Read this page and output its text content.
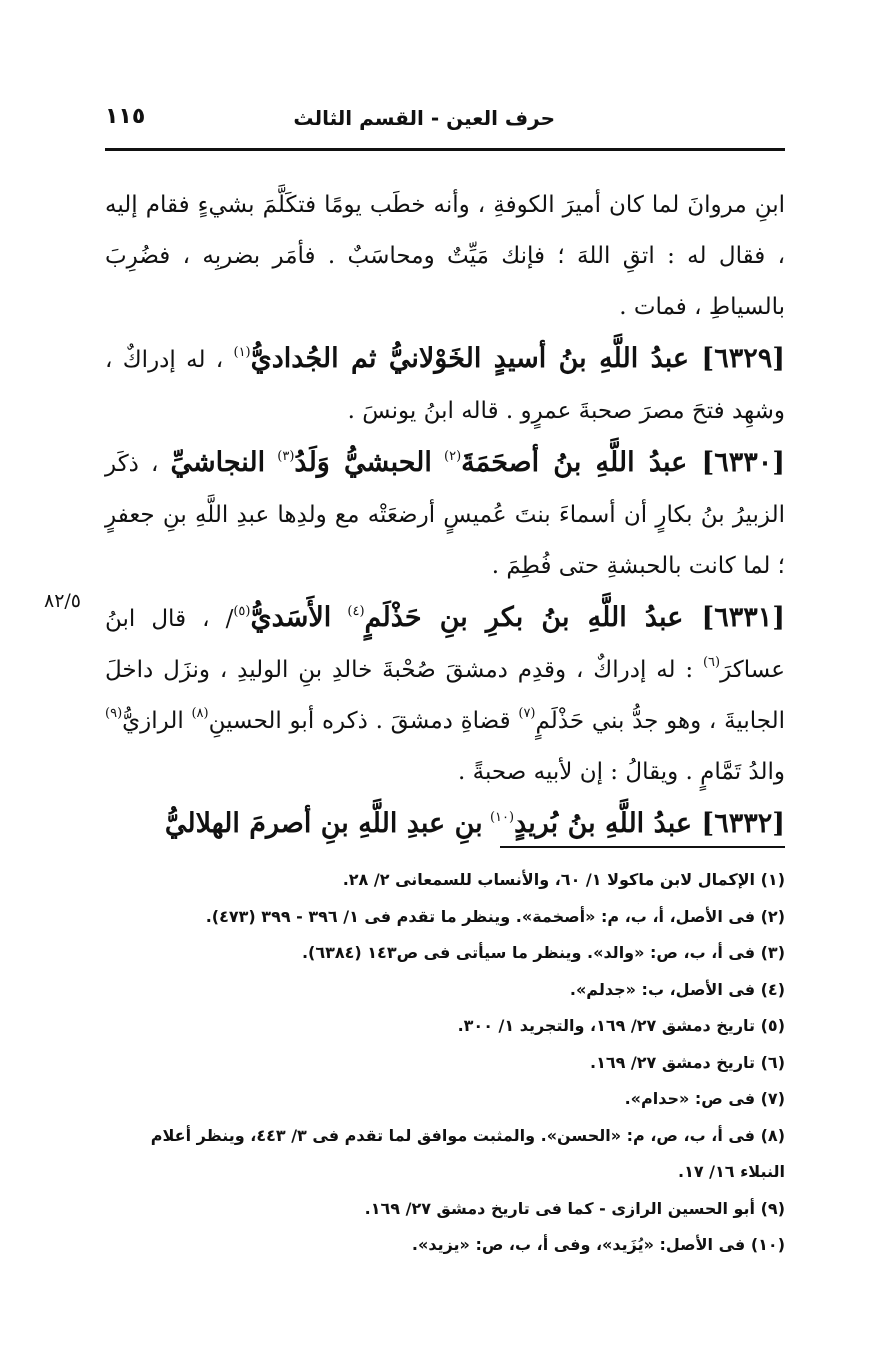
حرف العين - القسم الثالث
١١٥
٨٢/٥

ابنِ مروانَ لما كان أميرَ الكوفةِ ، وأنه خطَب يومًا فتكَلَّمَ بشيءٍ فقام إليه ، فقال له : اتقِ اللهَ ؛ فإنك مَيِّتٌ ومحاسَبٌ . فأمَر بضربِه ، فضُرِبَ بالسياطِ ، فمات .

[٦٣٢٩] عبدُ اللَّهِ بنُ أسيدٍ الخَوْلانيُّ ثم الجُداديُّ$^{(١)}$ ، له إدراكٌ ، وشهِد فتحَ مصرَ صحبةَ عمرٍو . قاله ابنُ يونسَ .

[٦٣٣٠] عبدُ اللَّهِ بنُ أصحَمَةَ$^{(٢)}$ الحبشيُّ وَلَدُ$^{(٣)}$ النجاشيِّ ، ذكَر الزبيرُ بنُ بكارٍ أن أسماءَ بنتَ عُميسٍ أرضعَتْه مع ولدِها عبدِ اللَّهِ بنِ جعفرٍ ؛ لما كانت بالحبشةِ حتى فُطِمَ .

[٦٣٣١] عبدُ اللَّهِ بنُ بكرِ بنِ حَذْلَمٍ$^{(٤)}$ الأَسَديُّ$^{(٥)}$/ ، قال ابنُ عساكرَ$^{(٦)}$ : له إدراكٌ ، وقدِم دمشقَ صُحْبةَ خالدِ بنِ الوليدِ ، ونزَل داخلَ الجابيةَ ، وهو جدُّ بني حَذْلَمٍ$^{(٧)}$ قضاةِ دمشقَ . ذكره أبو الحسينِ$^{(٨)}$ الرازيُّ$^{(٩)}$ والدُ تَمَّامٍ . ويقالُ : إن لأبيه صحبةً .

[٦٣٣٢] عبدُ اللَّهِ بنُ بُريدٍ$^{(١٠)}$ بنِ عبدِ اللَّهِ بنِ أصرمَ الهلاليُّ

(١) الإكمال لابن ماكولا ١/ ٦٠، والأنساب للسمعانى ٢/ ٢٨.

(٢) فى الأصل، أ، ب، م: «أصخمة». وينظر ما تقدم فى ١/ ٣٩٦ - ٣٩٩ (٤٧٣).

(٣) فى أ، ب، ص: «والد». وينظر ما سيأتى فى ص١٤٣ (٦٣٨٤).

(٤) فى الأصل، ب: «جدلم».

(٥) تاريخ دمشق ٢٧/ ١٦٩، والتجريد ١/ ٣٠٠.

(٦) تاريخ دمشق ٢٧/ ١٦٩.

(٧) فى ص: «حدام».

(٨) فى أ، ب، ص، م: «الحسن». والمثبت موافق لما تقدم فى ٣/ ٤٤٣، وينظر أعلام النبلاء ١٦/ ١٧.

(٩) أبو الحسين الرازى - كما فى تاريخ دمشق ٢٧/ ١٦٩.

(١٠) فى الأصل: «يُزَيد»، وفى أ، ب، ص: «يزيد».
